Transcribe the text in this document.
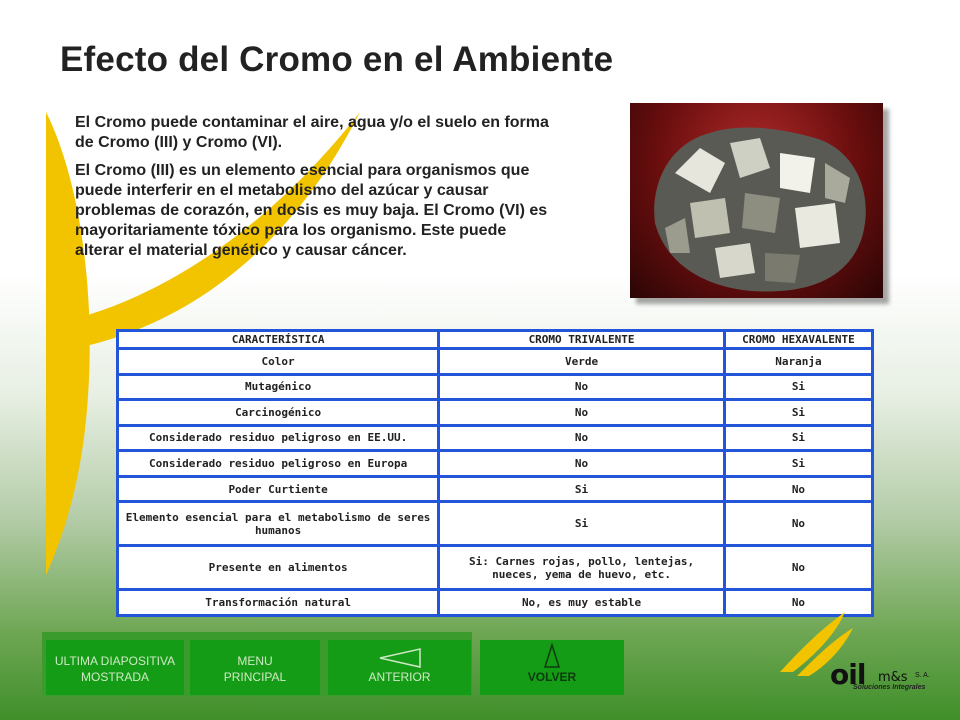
Efecto del Cromo en el Ambiente

El Cromo puede contaminar el aire, agua y/o el suelo en forma de Cromo (III) y Cromo (VI).

El Cromo (III) es un elemento esencial para organismos que puede interferir en el metabolismo del azúcar y causar problemas de corazón, en dosis es muy baja. El Cromo (VI) es mayoritariamente tóxico para los organismo. Este puede alterar el material genético y causar cáncer.

CARACTERÍSTICA	CROMO TRIVALENTE	CROMO HEXAVALENTE
Color	Verde	Naranja
Mutagénico	No	Si
Carcinogénico	No	Si
Considerado residuo peligroso en EE.UU.	No	Si
Considerado residuo peligroso en Europa	No	Si
Poder Curtiente	Si	No
Elemento esencial para el metabolismo de seres humanos	Si	No
Presente en alimentos	Si: Carnes rojas, pollo, lentejas, nueces, yema de huevo, etc.	No
Transformación natural	No, es muy estable	No
ULTIMA DIAPOSITIVA
MOSTRADA
MENU
PRINCIPAL	ANTERIOR	VOLVER	oil m&s S. A.
Soluciones Integrales
